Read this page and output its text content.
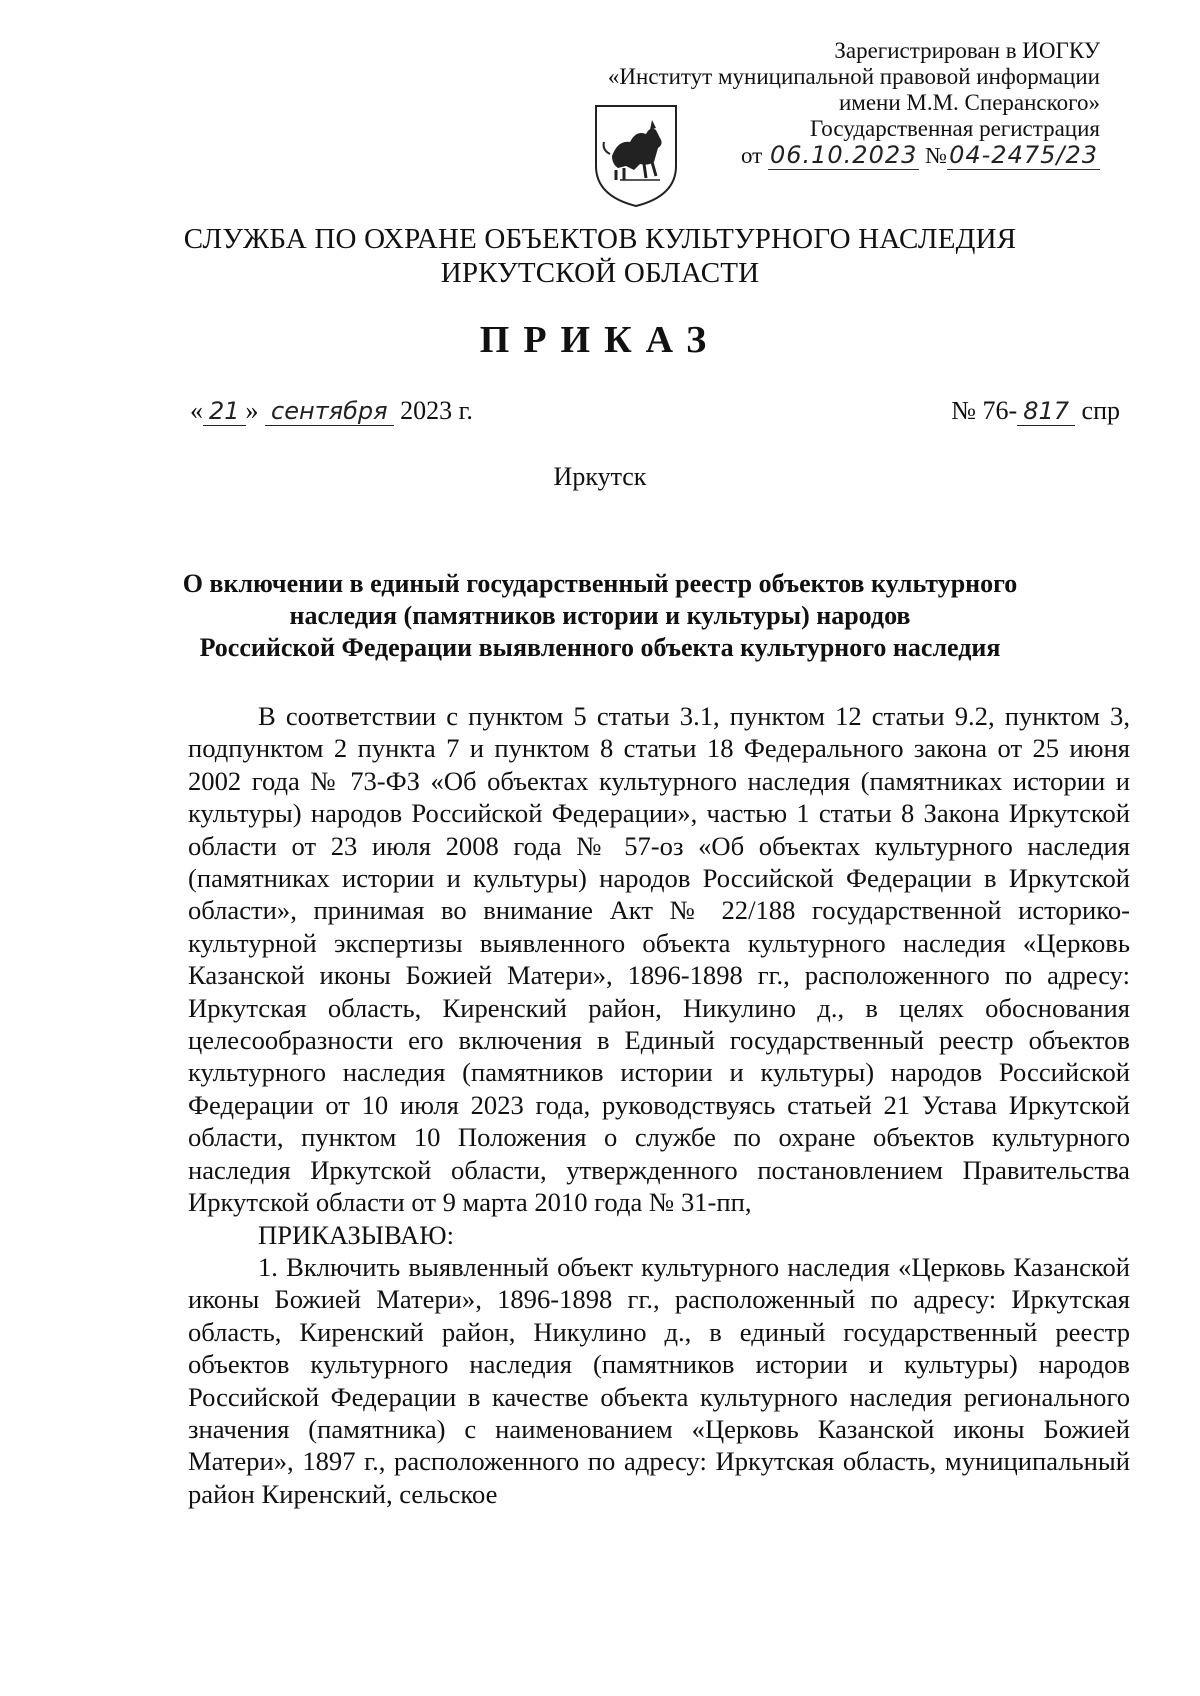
Зарегистрирован в ИОГКУ
«Институт муниципальной правовой информации
имени М.М. Сперанского»
Государственная регистрация
от 06.10.2023 №04-2475/23
СЛУЖБА ПО ОХРАНЕ ОБЪЕКТОВ КУЛЬТУРНОГО НАСЛЕДИЯ
ИРКУТСКОЙ ОБЛАСТИ
ПРИКАЗ
« 21 » сентября 2023 г.	№ 76- 817 спр
Иркутск
О включении в единый государственный реестр объектов культурного
наследия (памятников истории и культуры) народов
Российской Федерации выявленного объекта культурного наследия

В соответствии с пунктом 5 статьи 3.1, пунктом 12 статьи 9.2, пунктом 3, подпунктом 2 пункта 7 и пунктом 8 статьи 18 Федерального закона от 25 июня 2002 года № 73-ФЗ «Об объектах культурного наследия (памятниках истории и культуры) народов Российской Федерации», частью 1 статьи 8 Закона Иркутской области от 23 июля 2008 года № 57-оз «Об объектах культурного наследия (памятниках истории и культуры) народов Российской Федерации в Иркутской области», принимая во внимание Акт № 22/188 государственной историко-культурной экспертизы выявленного объекта культурного наследия «Церковь Казанской иконы Божией Матери», 1896-1898 гг., расположенного по адресу: Иркутская область, Киренский район, Никулино д., в целях обоснования целесообразности его включения в Единый государственный реестр объектов культурного наследия (памятников истории и культуры) народов Российской Федерации от 10 июля 2023 года, руководствуясь статьей 21 Устава Иркутской области, пунктом 10 Положения о службе по охране объектов культурного наследия Иркутской области, утвержденного постановлением Правительства Иркутской области от 9 марта 2010 года № 31-пп,

ПРИКАЗЫВАЮ:

1. Включить выявленный объект культурного наследия «Церковь Казанской иконы Божией Матери», 1896-1898 гг., расположенный по адресу: Иркутская область, Киренский район, Никулино д., в единый государственный реестр объектов культурного наследия (памятников истории и культуры) народов Российской Федерации в качестве объекта культурного наследия регионального значения (памятника) с наименованием «Церковь Казанской иконы Божией Матери», 1897 г., расположенного по адресу: Иркутская область, муниципальный район Киренский, сельское
